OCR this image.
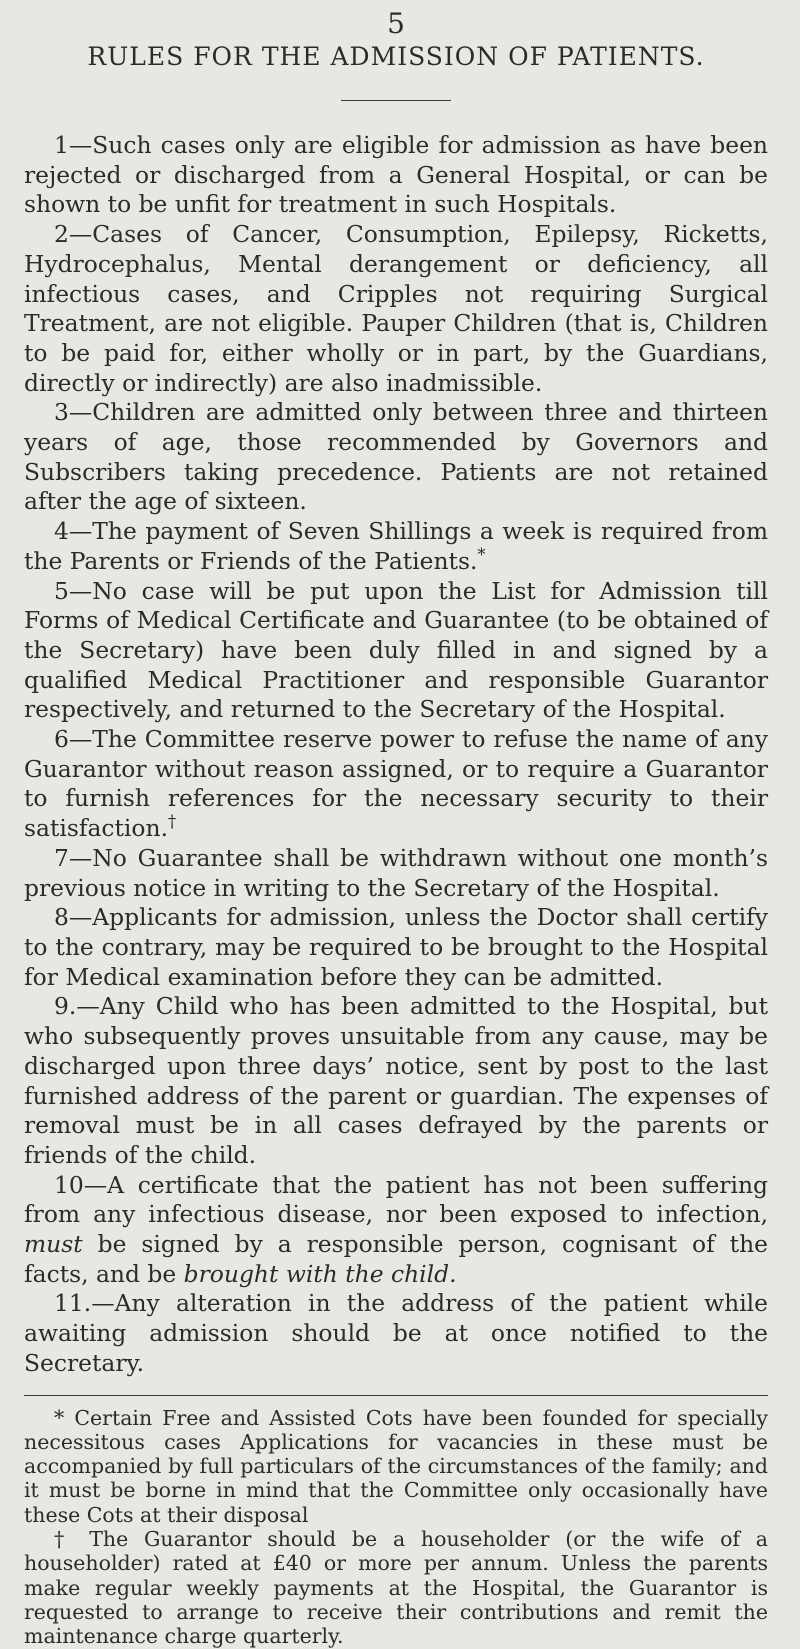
5
RULES FOR THE ADMISSION OF PATIENTS.

1—Such cases only are eligible for admission as have been rejected or discharged from a General Hospital, or can be shown to be unfit for treatment in such Hospitals.

2—Cases of Cancer, Consumption, Epilepsy, Ricketts, Hydrocephalus, Mental derangement or deficiency, all infectious cases, and Cripples not requiring Surgical Treatment, are not eligible. Pauper Children (that is, Children to be paid for, either wholly or in part, by the Guardians, directly or indirectly) are also inadmissible.

3—Children are admitted only between three and thirteen years of age, those recommended by Governors and Subscribers taking precedence. Patients are not retained after the age of sixteen.

4—The payment of Seven Shillings a week is required from the Parents or Friends of the Patients.*

5—No case will be put upon the List for Admission till Forms of Medical Certificate and Guarantee (to be obtained of the Secretary) have been duly filled in and signed by a qualified Medical Practitioner and responsible Guarantor respectively, and returned to the Secretary of the Hospital.

6—The Committee reserve power to refuse the name of any Guarantor without reason assigned, or to require a Guarantor to furnish references for the necessary security to their satisfaction.†

7—No Guarantee shall be withdrawn without one month’s previous notice in writing to the Secretary of the Hospital.

8—Applicants for admission, unless the Doctor shall certify to the contrary, may be required to be brought to the Hospital for Medical examination before they can be admitted.

9.—Any Child who has been admitted to the Hospital, but who subsequently proves unsuitable from any cause, may be discharged upon three days’ notice, sent by post to the last furnished address of the parent or guardian. The expenses of removal must be in all cases defrayed by the parents or friends of the child.

10—A certificate that the patient has not been suffering from any infectious disease, nor been exposed to infection, must be signed by a responsible person, cognisant of the facts, and be brought with the child.

11.—Any alteration in the address of the patient while awaiting admission should be at once notified to the Secretary.

* Certain Free and Assisted Cots have been founded for specially necessitous cases Applications for vacancies in these must be accompanied by full particulars of the circumstances of the family; and it must be borne in mind that the Committee only occasionally have these Cots at their disposal

† The Guarantor should be a householder (or the wife of a householder) rated at £40 or more per annum. Unless the parents make regular weekly payments at the Hospital, the Guarantor is requested to arrange to receive their contributions and remit the maintenance charge quarterly.
